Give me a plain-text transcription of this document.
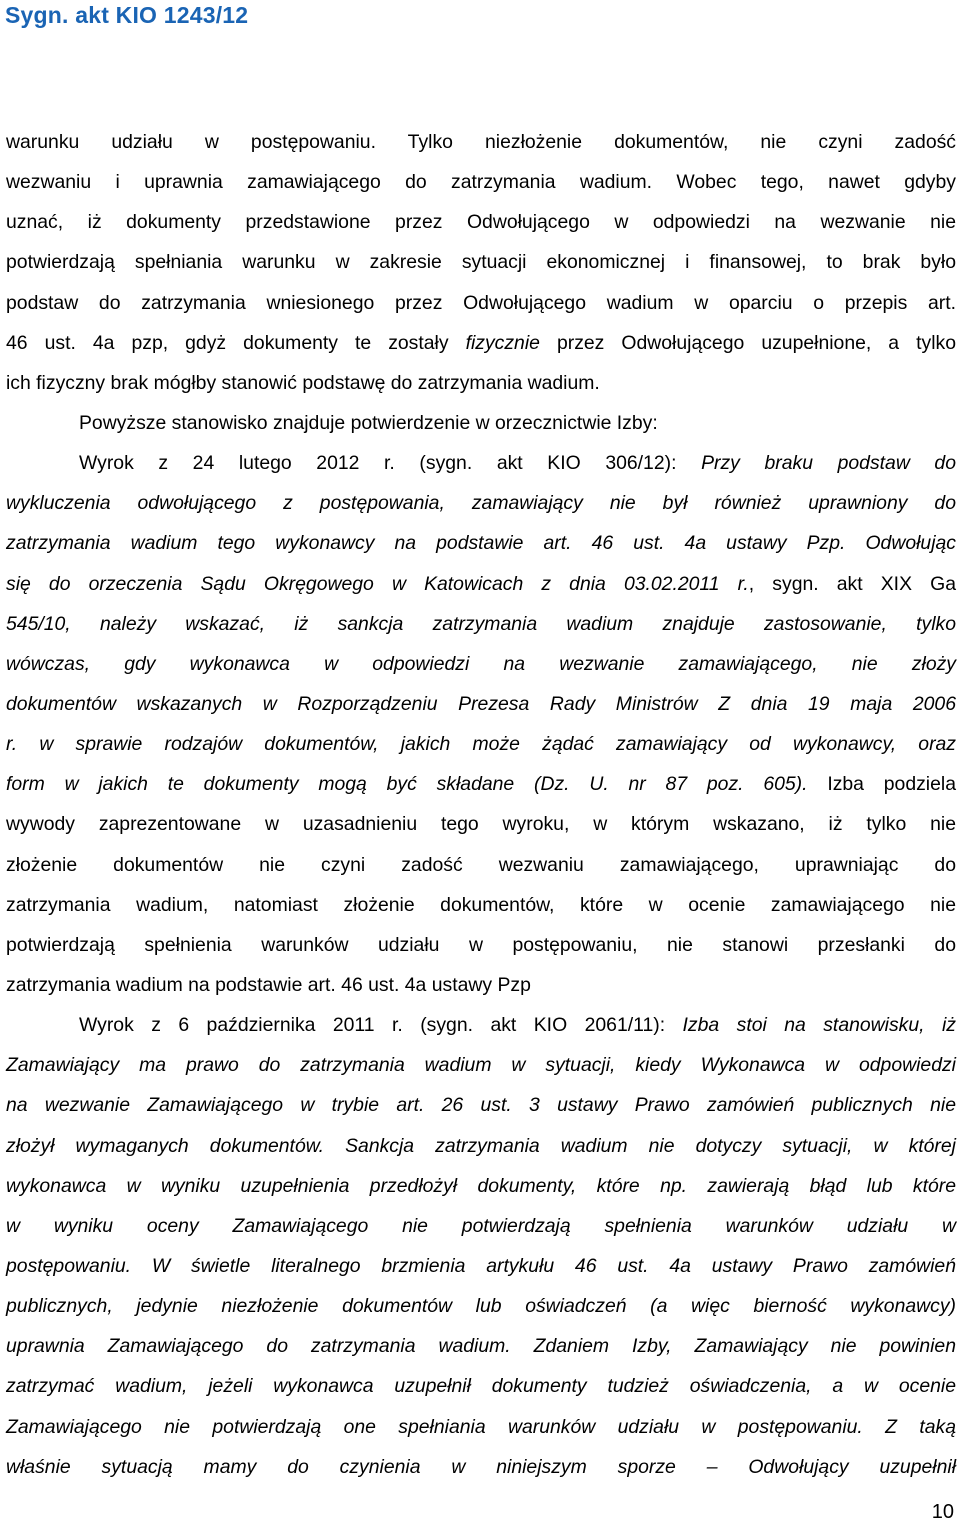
Sygn. akt KIO 1243/12
warunku udziału w postępowaniu. Tylko niezłożenie dokumentów, nie czyni zadość
wezwaniu i uprawnia zamawiającego do zatrzymania wadium. Wobec tego, nawet gdyby
uznać, iż dokumenty przedstawione przez Odwołującego w odpowiedzi na wezwanie nie
potwierdzają spełniania warunku w zakresie sytuacji ekonomicznej i finansowej, to brak było
podstaw do zatrzymania wniesionego przez Odwołującego wadium w oparciu o przepis art.
46 ust. 4a pzp, gdyż dokumenty te zostały fizycznie przez Odwołującego uzupełnione, a tylko
ich fizyczny brak mógłby stanowić podstawę do zatrzymania wadium.
Powyższe stanowisko znajduje potwierdzenie w orzecznictwie Izby:
Wyrok z 24 lutego 2012 r. (sygn. akt KIO 306/12): Przy braku podstaw do
wykluczenia odwołującego z postępowania, zamawiający nie był również uprawniony do
zatrzymania wadium tego wykonawcy na podstawie art. 46 ust. 4a ustawy Pzp. Odwołując
się do orzeczenia Sądu Okręgowego w Katowicach z dnia 03.02.2011 r., sygn. akt XIX Ga
545/10, należy wskazać, iż sankcja zatrzymania wadium znajduje zastosowanie, tylko
wówczas, gdy wykonawca w odpowiedzi na wezwanie zamawiającego, nie złoży
dokumentów wskazanych w Rozporządzeniu Prezesa Rady Ministrów Z dnia 19 maja 2006
r. w sprawie rodzajów dokumentów, jakich może żądać zamawiający od wykonawcy, oraz
form w jakich te dokumenty mogą być składane (Dz. U. nr 87 poz. 605). Izba podziela
wywody zaprezentowane w uzasadnieniu tego wyroku, w którym wskazano, iż tylko nie
złożenie dokumentów nie czyni zadość wezwaniu zamawiającego, uprawniając do
zatrzymania wadium, natomiast złożenie dokumentów, które w ocenie zamawiającego nie
potwierdzają spełnienia warunków udziału w postępowaniu, nie stanowi przesłanki do
zatrzymania wadium na podstawie art. 46 ust. 4a ustawy Pzp
Wyrok z 6 października 2011 r. (sygn. akt KIO 2061/11): Izba stoi na stanowisku, iż
Zamawiający ma prawo do zatrzymania wadium w sytuacji, kiedy Wykonawca w odpowiedzi
na wezwanie Zamawiającego w trybie art. 26 ust. 3 ustawy Prawo zamówień publicznych nie
złożył wymaganych dokumentów. Sankcja zatrzymania wadium nie dotyczy sytuacji, w której
wykonawca w wyniku uzupełnienia przedłożył dokumenty, które np. zawierają błąd lub które
w wyniku oceny Zamawiającego nie potwierdzają spełnienia warunków udziału w
postępowaniu. W świetle literalnego brzmienia artykułu 46 ust. 4a ustawy Prawo zamówień
publicznych, jedynie niezłożenie dokumentów lub oświadczeń (a więc bierność wykonawcy)
uprawnia Zamawiającego do zatrzymania wadium. Zdaniem Izby, Zamawiający nie powinien
zatrzymać wadium, jeżeli wykonawca uzupełnił dokumenty tudzież oświadczenia, a w ocenie
Zamawiającego nie potwierdzają one spełniania warunków udziału w postępowaniu. Z taką
właśnie sytuacją mamy do czynienia w niniejszym sporze – Odwołujący uzupełnił
10
